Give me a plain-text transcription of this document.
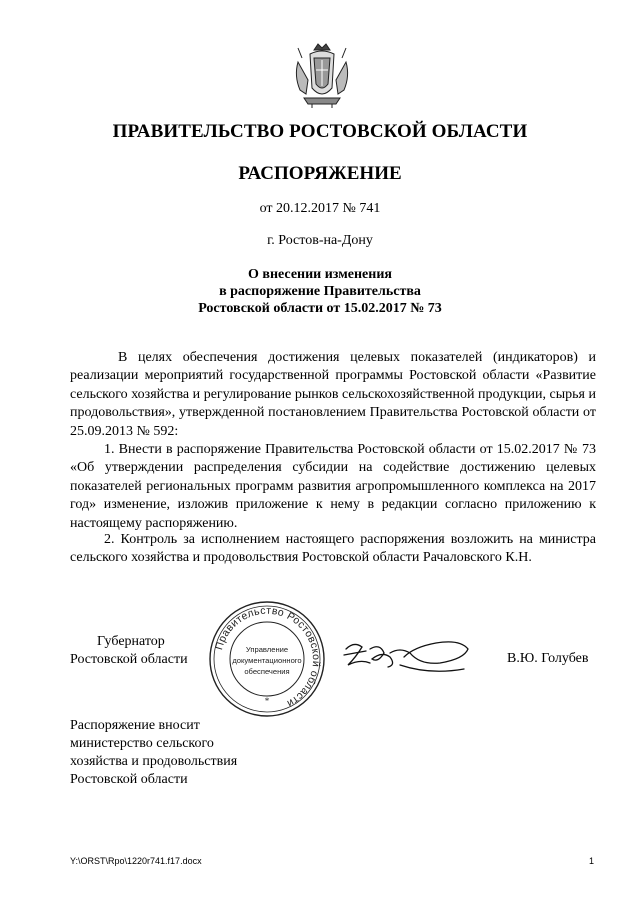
ПРАВИТЕЛЬСТВО РОСТОВСКОЙ ОБЛАСТИ
РАСПОРЯЖЕНИЕ
от 20.12.2017 № 741
г. Ростов-на-Дону
О внесении изменения
в распоряжение Правительства
Ростовской области от 15.02.2017 № 73
В целях обеспечения достижения целевых показателей (индикаторов) и реализации мероприятий государственной программы Ростовской области «Развитие сельского хозяйства и регулирование рынков сельскохозяйственной продукции, сырья и продовольствия», утвержденной постановлением Правительства Ростовской области от 25.09.2013 № 592:
1. Внести в распоряжение Правительства Ростовской области от 15.02.2017 № 73 «Об утверждении распределения субсидии на содействие достижению целевых показателей региональных программ развития агропромышленного комплекса на 2017 год» изменение, изложив приложение к нему в редакции согласно приложению к настоящему распоряжению.
2. Контроль за исполнением настоящего распоряжения возложить на министра сельского хозяйства и продовольствия Ростовской области Рачаловского К.Н.
Губернатор
Ростовской области
Правительство Ростовской области
*
Управление
документационного
обеспечения
В.Ю. Голубев
Распоряжение вносит
министерство сельского
хозяйства и продовольствия
Ростовской области
Y:\ORST\Rpo\1220r741.f17.docx	1
